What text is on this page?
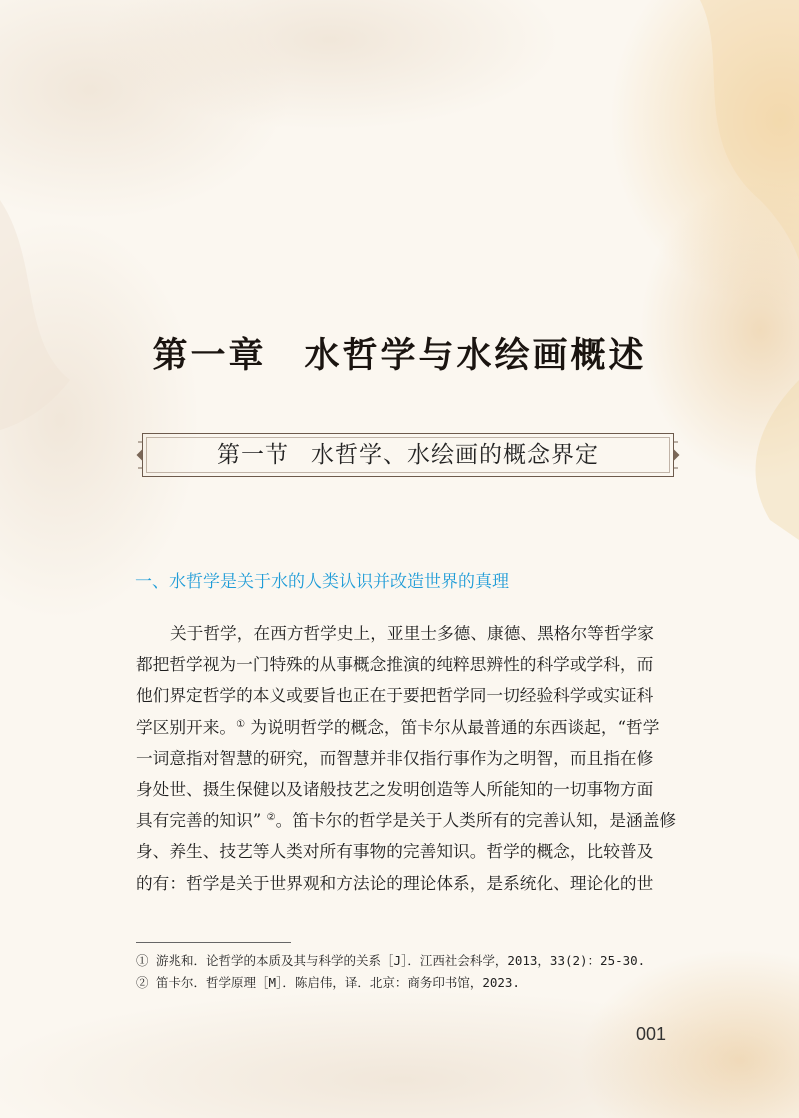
第一章 水哲学与水绘画概述
第一节 水哲学、水绘画的概念界定
一、水哲学是关于水的人类认识并改造世界的真理
关于哲学，在西方哲学史上，亚里士多德、康德、黑格尔等哲学家
都把哲学视为一门特殊的从事概念推演的纯粹思辨性的科学或学科，而
他们界定哲学的本义或要旨也正在于要把哲学同一切经验科学或实证科
学区别开来。① 为说明哲学的概念，笛卡尔从最普通的东西谈起，“哲学
一词意指对智慧的研究，而智慧并非仅指行事作为之明智，而且指在修
身处世、摄生保健以及诸般技艺之发明创造等人所能知的一切事物方面
具有完善的知识” ②。笛卡尔的哲学是关于人类所有的完善认知，是涵盖修
身、养生、技艺等人类对所有事物的完善知识。哲学的概念，比较普及
的有：哲学是关于世界观和方法论的理论体系，是系统化、理论化的世
① 游兆和．论哲学的本质及其与科学的关系［J］．江西社会科学，2013，33(2)：25-30.
② 笛卡尔．哲学原理［M］．陈启伟，译．北京：商务印书馆，2023.
001
